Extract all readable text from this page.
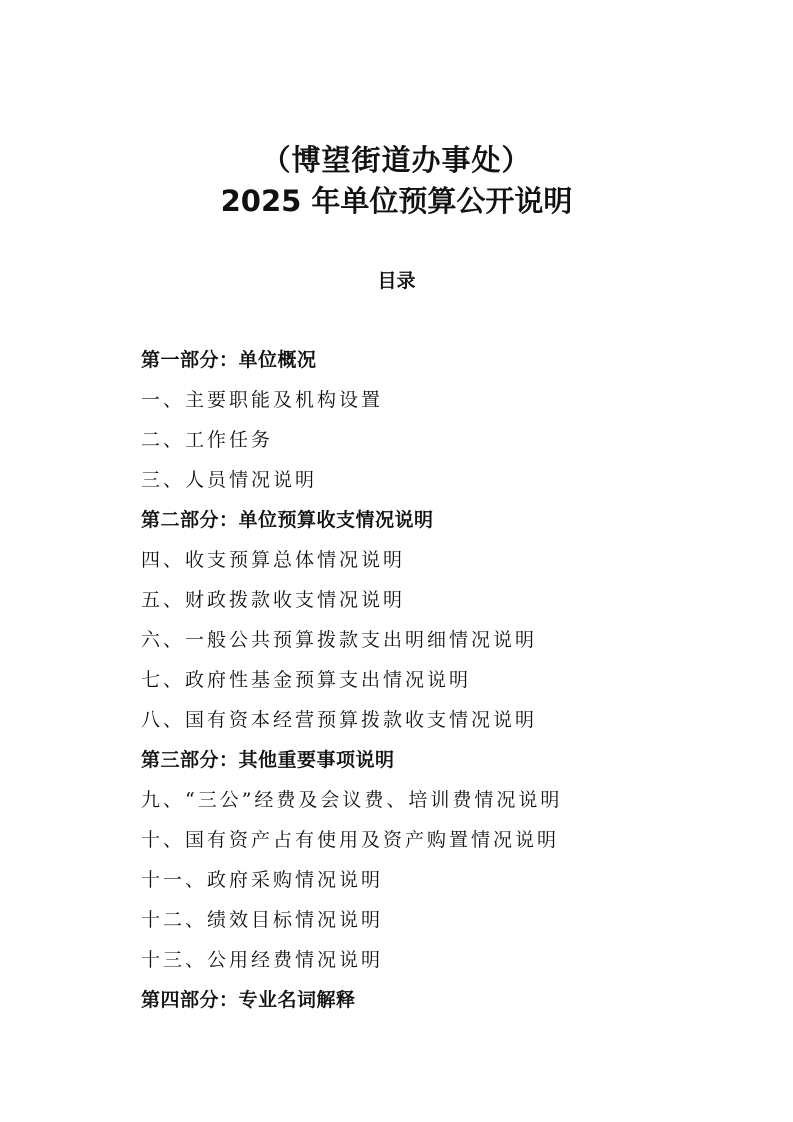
（博望街道办事处）
2025 年单位预算公开说明
目录
第一部分：单位概况
一、主要职能及机构设置
二、工作任务
三、人员情况说明
第二部分：单位预算收支情况说明
四、收支预算总体情况说明
五、财政拨款收支情况说明
六、一般公共预算拨款支出明细情况说明
七、政府性基金预算支出情况说明
八、国有资本经营预算拨款收支情况说明
第三部分：其他重要事项说明
九、“三公”经费及会议费、培训费情况说明
十、国有资产占有使用及资产购置情况说明
十一、政府采购情况说明
十二、绩效目标情况说明
十三、公用经费情况说明
第四部分：专业名词解释
